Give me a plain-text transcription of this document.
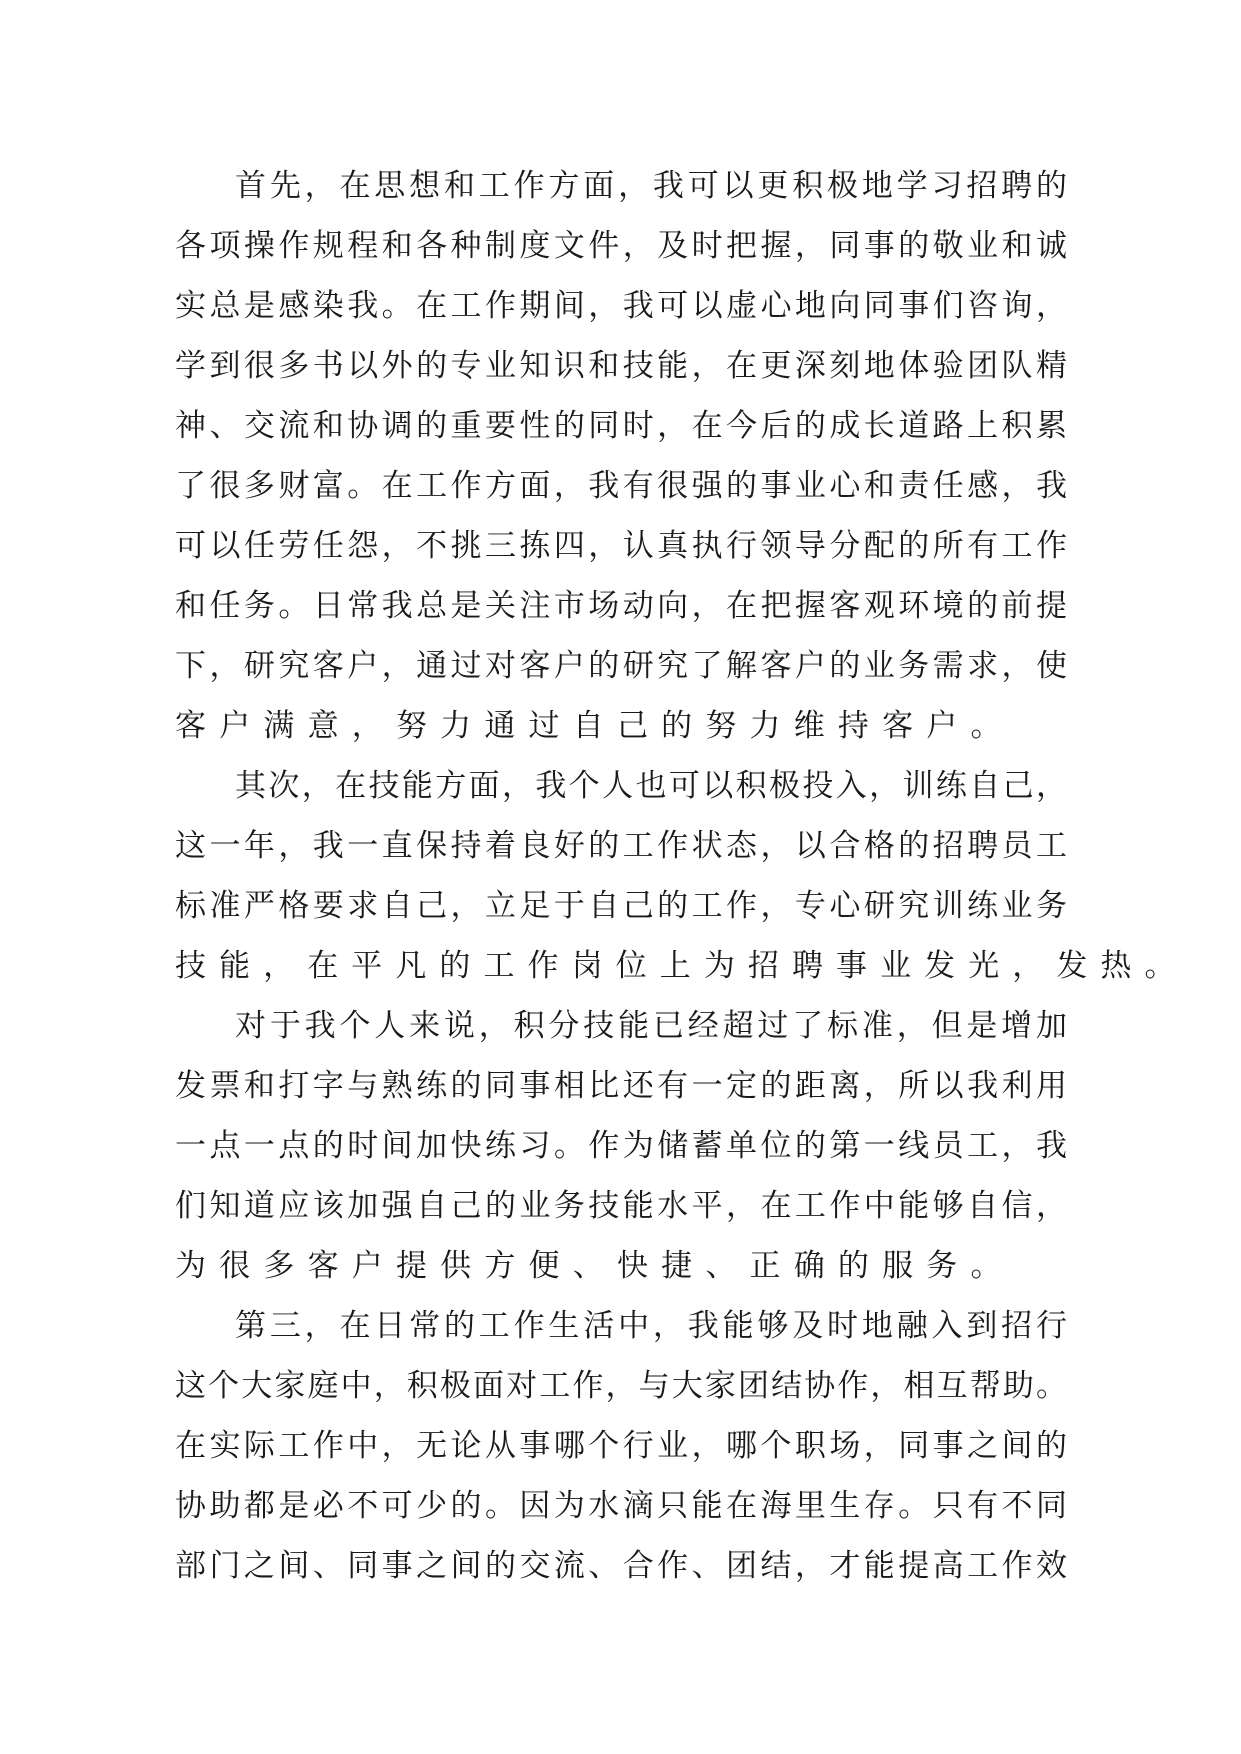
首先，在思想和工作方面，我可以更积极地学习招聘的
各项操作规程和各种制度文件，及时把握，同事的敬业和诚
实总是感染我。在工作期间，我可以虚心地向同事们咨询，
学到很多书以外的专业知识和技能，在更深刻地体验团队精
神、交流和协调的重要性的同时，在今后的成长道路上积累
了很多财富。在工作方面，我有很强的事业心和责任感，我
可以任劳任怨，不挑三拣四，认真执行领导分配的所有工作
和任务。日常我总是关注市场动向，在把握客观环境的前提
下，研究客户，通过对客户的研究了解客户的业务需求，使
客户满意，努力通过自己的努力维持客户。
其次，在技能方面，我个人也可以积极投入，训练自己，
这一年，我一直保持着良好的工作状态，以合格的招聘员工
标准严格要求自己，立足于自己的工作，专心研究训练业务
技能，在平凡的工作岗位上为招聘事业发光，发热。
对于我个人来说，积分技能已经超过了标准，但是增加
发票和打字与熟练的同事相比还有一定的距离，所以我利用
一点一点的时间加快练习。作为储蓄单位的第一线员工，我
们知道应该加强自己的业务技能水平，在工作中能够自信，
为很多客户提供方便、快捷、正确的服务。
第三，在日常的工作生活中，我能够及时地融入到招行
这个大家庭中，积极面对工作，与大家团结协作，相互帮助。
在实际工作中，无论从事哪个行业，哪个职场，同事之间的
协助都是必不可少的。因为水滴只能在海里生存。只有不同
部门之间、同事之间的交流、合作、团结，才能提高工作效
